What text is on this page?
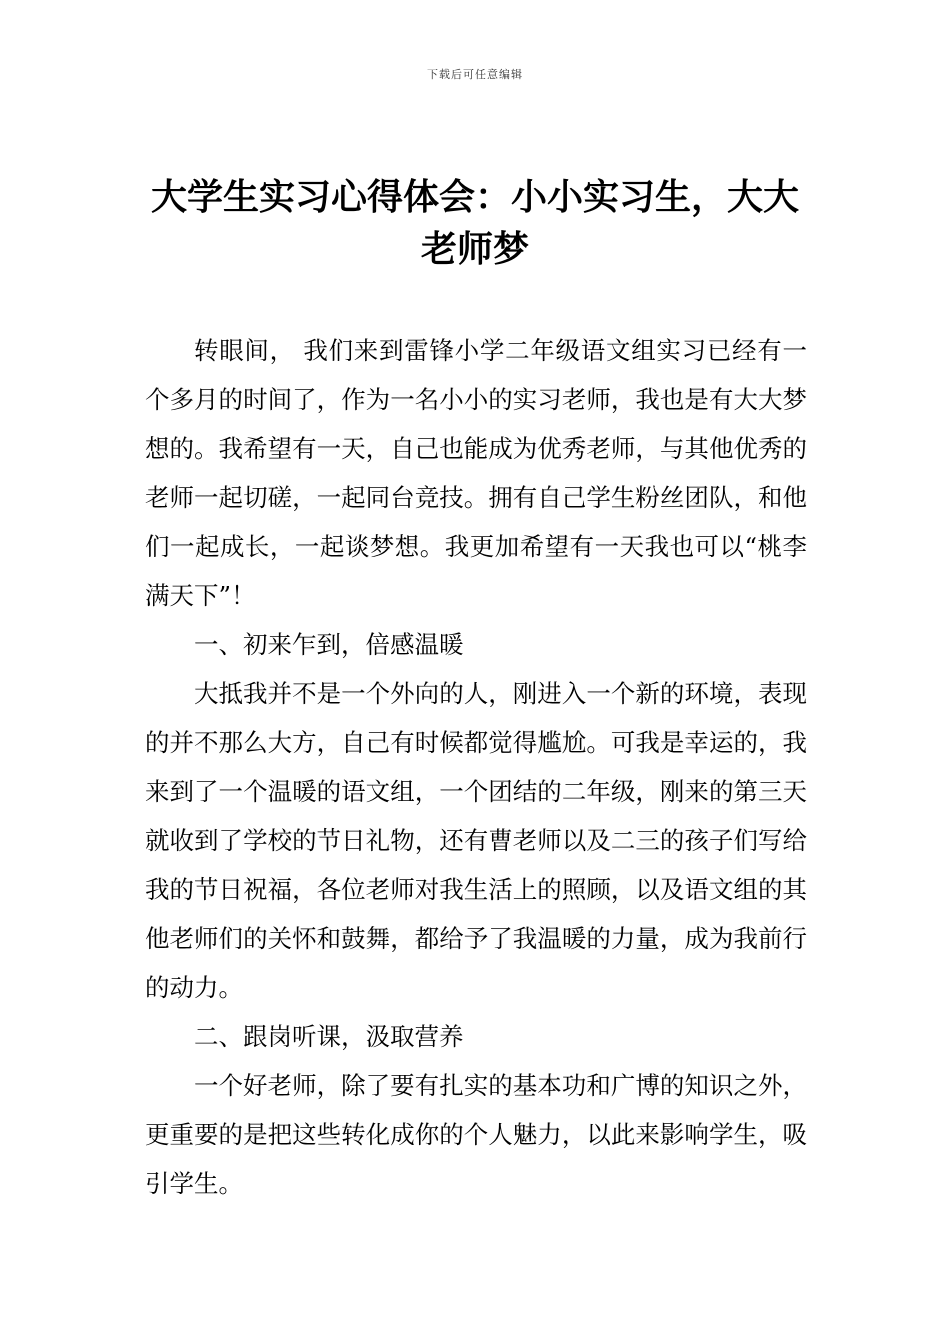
下载后可任意编辑
大学生实习心得体会：小小实习生，大大老师梦

转眼间， 我们来到雷锋小学二年级语文组实习已经有一个多月的时间了，作为一名小小的实习老师，我也是有大大梦想的。我希望有一天，自己也能成为优秀老师，与其他优秀的老师一起切磋，一起同台竞技。拥有自己学生粉丝团队，和他们一起成长，一起谈梦想。我更加希望有一天我也可以“桃李满天下”！

一、初来乍到，倍感温暖

大抵我并不是一个外向的人，刚进入一个新的环境，表现的并不那么大方，自己有时候都觉得尴尬。可我是幸运的，我来到了一个温暖的语文组，一个团结的二年级，刚来的第三天就收到了学校的节日礼物，还有曹老师以及二三的孩子们写给我的节日祝福，各位老师对我生活上的照顾，以及语文组的其他老师们的关怀和鼓舞，都给予了我温暖的力量，成为我前行的动力。

二、跟岗听课，汲取营养

一个好老师，除了要有扎实的基本功和广博的知识之外，更重要的是把这些转化成你的个人魅力，以此来影响学生，吸引学生。
